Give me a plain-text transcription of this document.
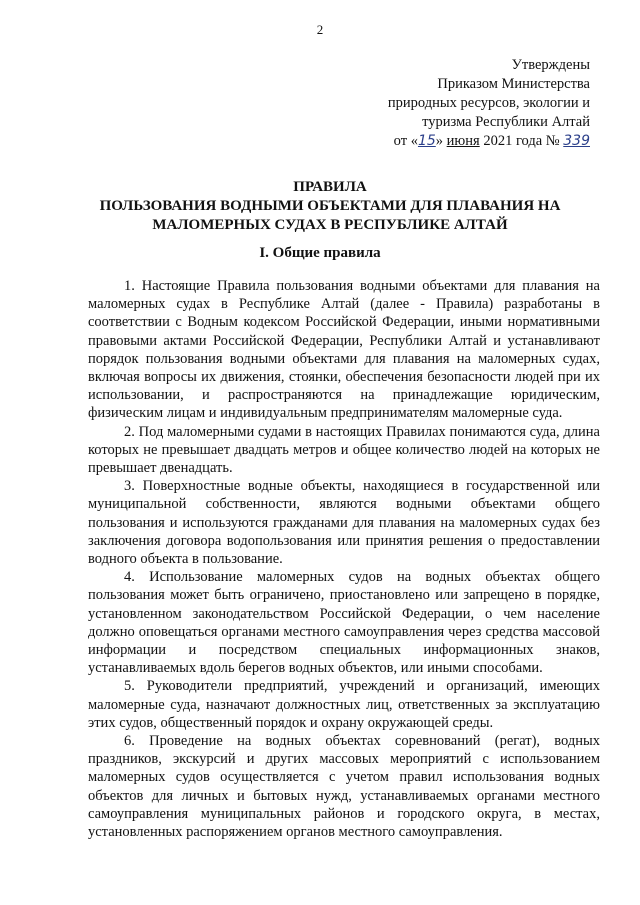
2
Утверждены
Приказом Министерства
природных ресурсов, экологии и
туризма Республики Алтай
от «15» июня 2021 года № 339
ПРАВИЛА
ПОЛЬЗОВАНИЯ ВОДНЫМИ ОБЪЕКТАМИ ДЛЯ ПЛАВАНИЯ НА
МАЛОМЕРНЫХ СУДАХ В РЕСПУБЛИКЕ АЛТАЙ
I. Общие правила

1. Настоящие Правила пользования водными объектами для плавания на маломерных судах в Республике Алтай (далее - Правила) разработаны в соответствии с Водным кодексом Российской Федерации, иными нормативными правовыми актами Российской Федерации, Республики Алтай и устанавливают порядок пользования водными объектами для плавания на маломерных судах, включая вопросы их движения, стоянки, обеспечения безопасности людей при их использовании, и распространяются на принадлежащие юридическим, физическим лицам и индивидуальным предпринимателям маломерные суда.

2. Под маломерными судами в настоящих Правилах понимаются суда, длина которых не превышает двадцать метров и общее количество людей на которых не превышает двенадцать.

3. Поверхностные водные объекты, находящиеся в государственной или муниципальной собственности, являются водными объектами общего пользования и используются гражданами для плавания на маломерных судах без заключения договора водопользования или принятия решения о предоставлении водного объекта в пользование.

4. Использование маломерных судов на водных объектах общего пользования может быть ограничено, приостановлено или запрещено в порядке, установленном законодательством Российской Федерации, о чем население должно оповещаться органами местного самоуправления через средства массовой информации и посредством специальных информационных знаков, устанавливаемых вдоль берегов водных объектов, или иными способами.

5. Руководители предприятий, учреждений и организаций, имеющих маломерные суда, назначают должностных лиц, ответственных за эксплуатацию этих судов, общественный порядок и охрану окружающей среды.

6. Проведение на водных объектах соревнований (регат), водных праздников, экскурсий и других массовых мероприятий с использованием маломерных судов осуществляется с учетом правил использования водных объектов для личных и бытовых нужд, устанавливаемых органами местного самоуправления муниципальных районов и городского округа, в местах, установленных распоряжением органов местного самоуправления.
